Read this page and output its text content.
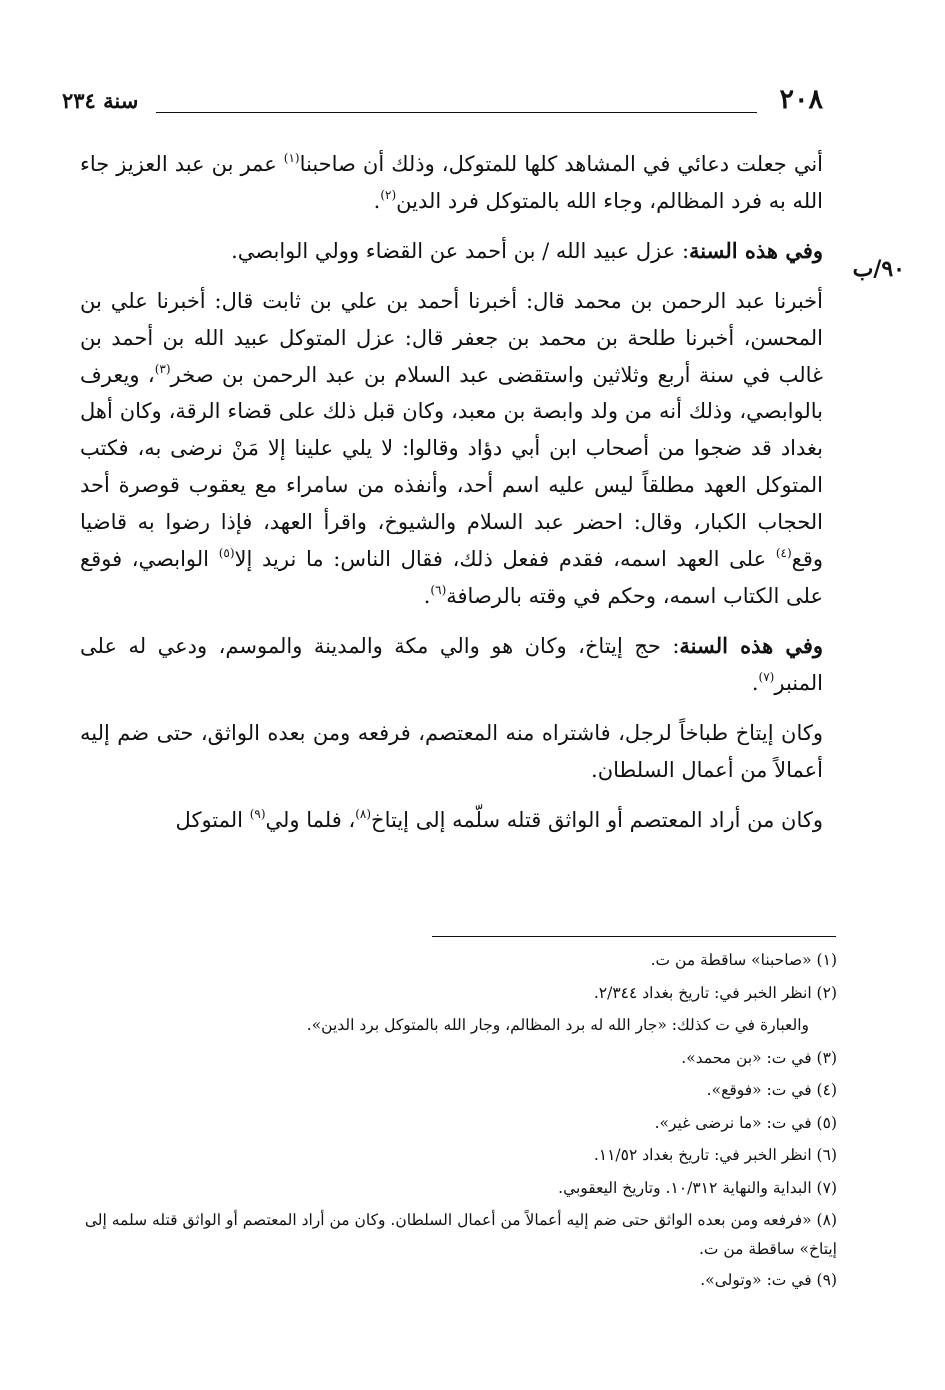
سنة ٢٣٤	٢٠٨
٩٠/ب

أني جعلت دعائي في المشاهد كلها للمتوكل، وذلك أن صاحبنا$^{(١)}$ عمر بن عبد العزيز جاء الله به فرد المظالم، وجاء الله بالمتوكل فرد الدين$^{(٢)}$.

وفي هذه السنة: عزل عبيد الله / بن أحمد عن القضاء وولي الوابصي.

أخبرنا عبد الرحمن بن محمد قال: أخبرنا أحمد بن علي بن ثابت قال: أخبرنا علي بن المحسن، أخبرنا طلحة بن محمد بن جعفر قال: عزل المتوكل عبيد الله بن أحمد بن غالب في سنة أربع وثلاثين واستقضى عبد السلام بن عبد الرحمن بن صخر$^{(٣)}$، ويعرف بالوابصي، وذلك أنه من ولد وابصة بن معبد، وكان قبل ذلك على قضاء الرقة، وكان أهل بغداد قد ضجوا من أصحاب ابن أبي دؤاد وقالوا: لا يلي علينا إلا مَنْ نرضى به، فكتب المتوكل العهد مطلقاً ليس عليه اسم أحد، وأنفذه من سامراء مع يعقوب قوصرة أحد الحجاب الكبار، وقال: احضر عبد السلام والشيوخ، واقرأ العهد، فإذا رضوا به قاضيا وقع$^{(٤)}$ على العهد اسمه، فقدم ففعل ذلك، فقال الناس: ما نريد إلا$^{(٥)}$ الوابصي، فوقع على الكتاب اسمه، وحكم في وقته بالرصافة$^{(٦)}$.

وفي هذه السنة: حج إيتاخ، وكان هو والي مكة والمدينة والموسم، ودعي له على المنبر$^{(٧)}$.

وكان إيتاخ طباخاً لرجل، فاشتراه منه المعتصم، فرفعه ومن بعده الواثق، حتى ضم إليه أعمالاً من أعمال السلطان.

وكان من أراد المعتصم أو الواثق قتله سلّمه إلى إيتاخ$^{(٨)}$، فلما ولي$^{(٩)}$ المتوكل

(١) «صاحبنا» ساقطة من ت.

(٢) انظر الخبر في: تاريخ بغداد ٢/٣٤٤.

والعبارة في ت كذلك: «جار الله له برد المظالم، وجار الله بالمتوكل برد الدين».

(٣) في ت: «بن محمد».

(٤) في ت: «فوقع».

(٥) في ت: «ما نرضى غير».

(٦) انظر الخبر في: تاريخ بغداد ١١/٥٢.

(٧) البداية والنهاية ١٠/٣١٢. وتاريخ اليعقوبي.

(٨) «فرفعه ومن بعده الواثق حتى ضم إليه أعمالاً من أعمال السلطان. وكان من أراد المعتصم أو الواثق قتله سلمه إلى إيتاخ» ساقطة من ت.

(٩) في ت: «وتولى».
